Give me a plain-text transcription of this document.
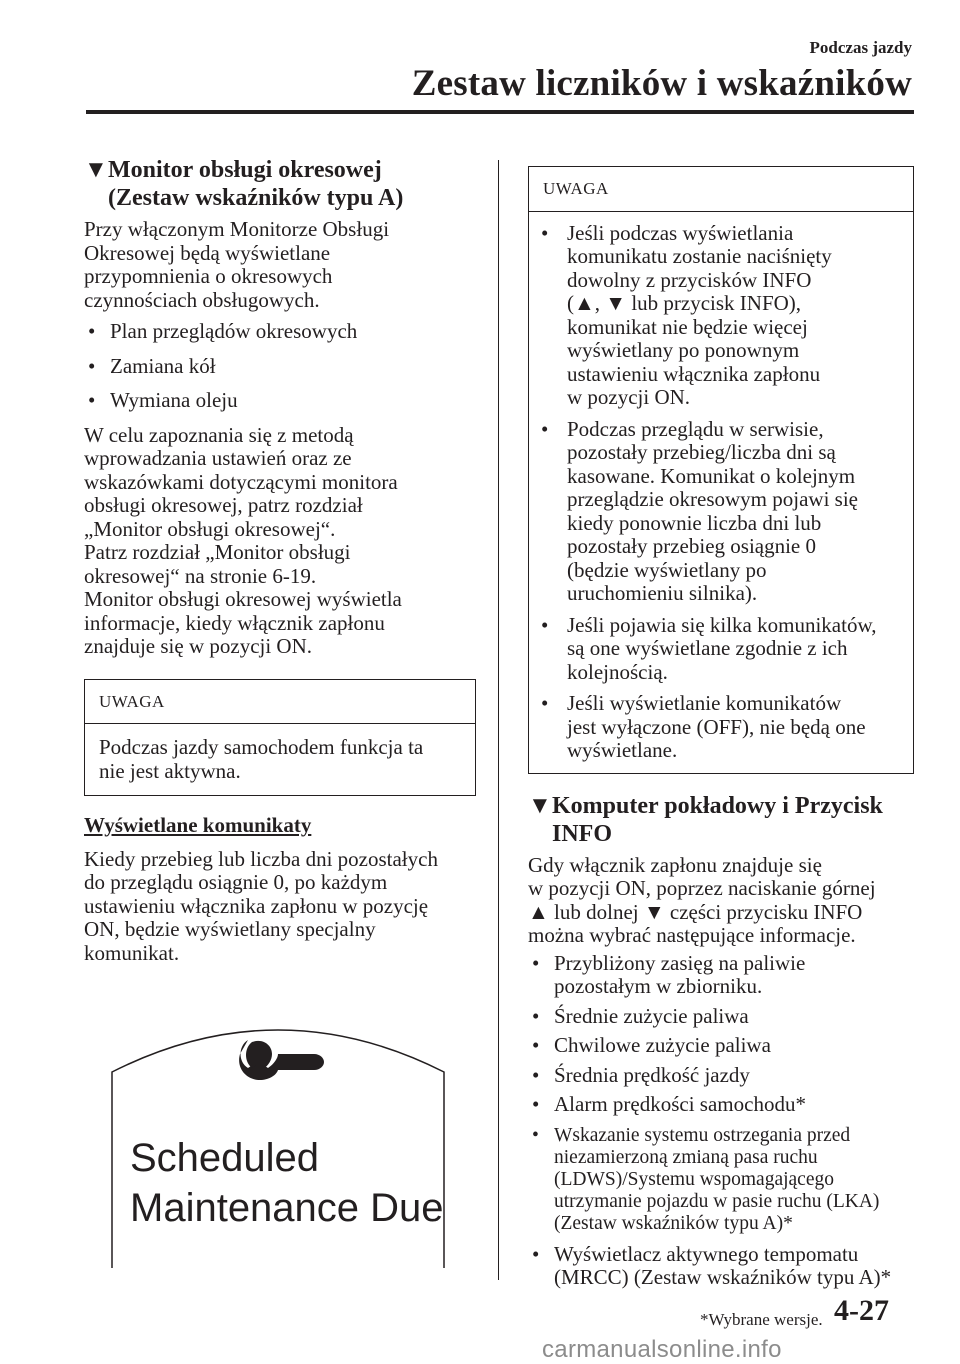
Podczas jazdy
Zestaw liczników i wskaźników
▼ Monitor obsługi okresowej
(Zestaw wskaźników typu A)
Przy włączonym Monitorze Obsługi
Okresowej będą wyświetlane
przypomnienia o okresowych
czynnościach obsługowych.
• Plan przeglądów okresowych
• Zamiana kół
• Wymiana oleju
W celu zapoznania się z metodą
wprowadzania ustawień oraz ze
wskazówkami dotyczącymi monitora
obsługi okresowej, patrz rozdział
„Monitor obsługi okresowej“.
Patrz rozdział „Monitor obsługi
okresowej“ na stronie 6-19.
Monitor obsługi okresowej wyświetla
informacje, kiedy włącznik zapłonu
znajduje się w pozycji ON.
UWAGA
Podczas jazdy samochodem funkcja ta
nie jest aktywna.
Wyświetlane komunikaty
Kiedy przebieg lub liczba dni pozostałych
do przeglądu osiągnie 0, po każdym
ustawieniu włącznika zapłonu w pozycję
ON, będzie wyświetlany specjalny
komunikat.
Scheduled
Maintenance Due
UWAGA
• Jeśli podczas wyświetlania
komunikatu zostanie naciśnięty
dowolny z przycisków INFO
(▲, ▼ lub przycisk INFO),
komunikat nie będzie więcej
wyświetlany po ponownym
ustawieniu włącznika zapłonu
w pozycji ON.
• Podczas przeglądu w serwisie,
pozostały przebieg/liczba dni są
kasowane. Komunikat o kolejnym
przeglądzie okresowym pojawi się
kiedy ponownie liczba dni lub
pozostały przebieg osiągnie 0
(będzie wyświetlany po
uruchomieniu silnika).
• Jeśli pojawia się kilka komunikatów,
są one wyświetlane zgodnie z ich
kolejnością.
• Jeśli wyświetlanie komunikatów
jest wyłączone (OFF), nie będą one
wyświetlane.
▼ Komputer pokładowy i Przycisk
INFO
Gdy włącznik zapłonu znajduje się
w pozycji ON, poprzez naciskanie górnej
▲ lub dolnej ▼ części przycisku INFO
można wybrać następujące informacje.
• Przybliżony zasięg na paliwie
pozostałym w zbiorniku.
• Średnie zużycie paliwa
• Chwilowe zużycie paliwa
• Średnia prędkość jazdy
• Alarm prędkości samochodu*
• Wskazanie systemu ostrzegania przed
niezamierzoną zmianą pasa ruchu
(LDWS)/Systemu wspomagającego
utrzymanie pojazdu w pasie ruchu (LKA)
(Zestaw wskaźników typu A)*
• Wyświetlacz aktywnego tempomatu
(MRCC) (Zestaw wskaźników typu A)*
*Wybrane wersje. 4-27
carmanualsonline.info
